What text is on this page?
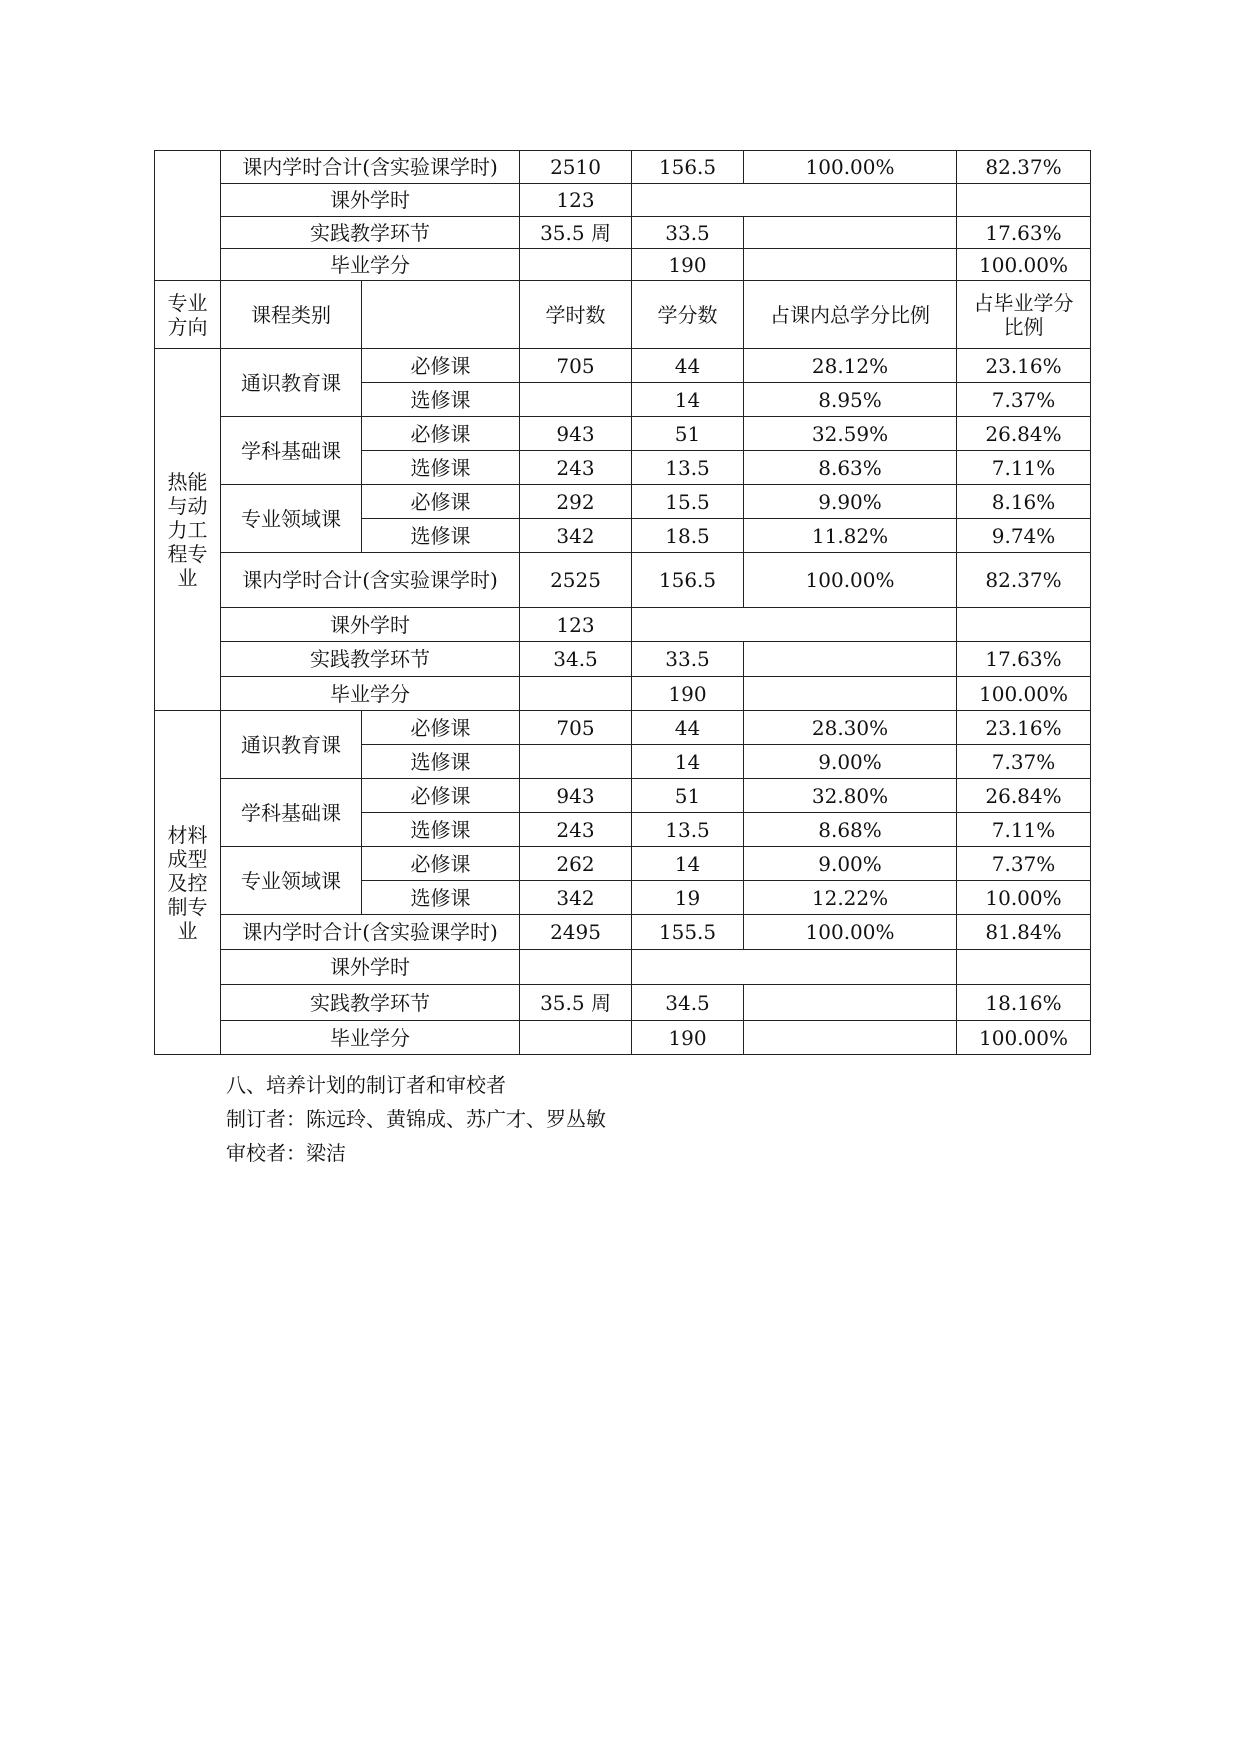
	课内学时合计(含实验课学时)		2510	156.5	100.00%	82.37%
	课外学时		123			
	实践教学环节		35.5 周	33.5		17.63%
	毕业学分			190		100.00%

专业方向	课程类别		学时数	学分数	占课内总学分比例	占毕业学分比例

热能与动力工程专业	通识教育课	必修课	705	44	28.12%	23.16%
		选修课		14	8.95%	7.37%
	学科基础课	必修课	943	51	32.59%	26.84%
		选修课	243	13.5	8.63%	7.11%
	专业领域课	必修课	292	15.5	9.90%	8.16%
		选修课	342	18.5	11.82%	9.74%
	课内学时合计(含实验课学时)		2525	156.5	100.00%	82.37%
	课外学时		123			
	实践教学环节		34.5	33.5		17.63%
	毕业学分			190		100.00%

材料成型及控制专业	通识教育课	必修课	705	44	28.30%	23.16%
		选修课		14	9.00%	7.37%
	学科基础课	必修课	943	51	32.80%	26.84%
		选修课	243	13.5	8.68%	7.11%
	专业领域课	必修课	262	14	9.00%	7.37%
		选修课	342	19	12.22%	10.00%
	课内学时合计(含实验课学时)		2495	155.5	100.00%	81.84%
	课外学时					
	实践教学环节		35.5 周	34.5		18.16%
	毕业学分			190		100.00%
八、培养计划的制订者和审校者
制订者：陈远玲、黄锦成、苏广才、罗丛敏
审校者：梁洁
